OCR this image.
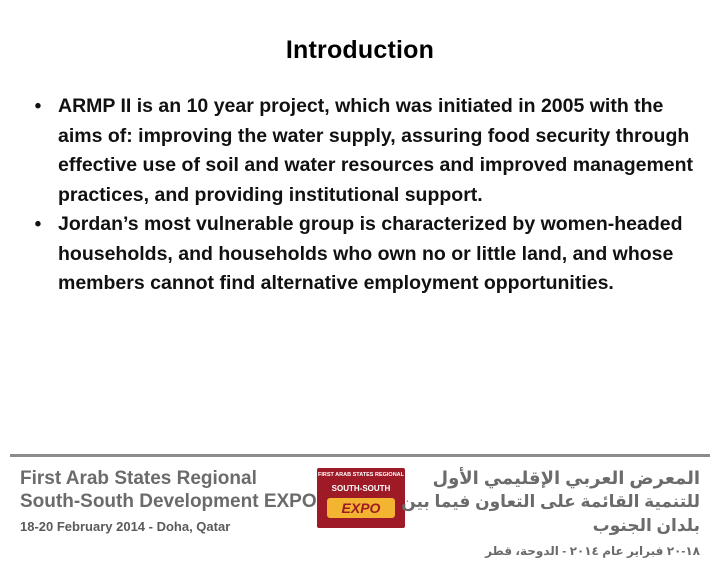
Introduction
• ARMP II is an 10 year project, which was initiated in 2005 with the aims of: improving the water supply, assuring food security through effective use of soil and water resources and improved management practices, and providing institutional support.
• Jordan’s most vulnerable group is characterized by women-headed households, and households who own no or little land, and whose members cannot find alternative employment opportunities.
First Arab States Regional
South-South Development EXPO
18-20 February 2014 - Doha, Qatar
FIRST ARAB STATES REGIONAL
SOUTH-SOUTH
EXPO
المعرض العربي الإقليمي الأول
للتنمية القائمة على التعاون فيما بين بلدان الجنوب
١٨-٢٠ فبراير عام ٢٠١٤ - الدوحة، قطر
